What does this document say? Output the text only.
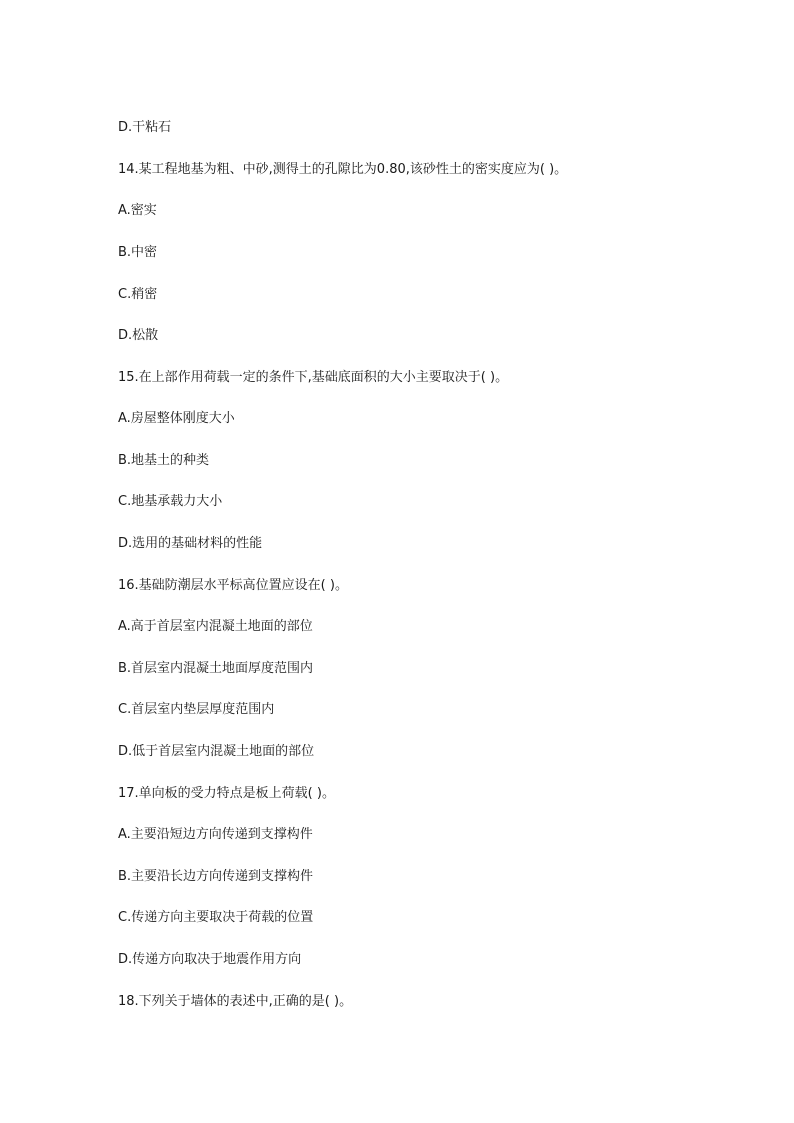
D.干粘石
14.某工程地基为粗、中砂,测得土的孔隙比为0.80,该砂性土的密实度应为( )。
A.密实
B.中密
C.稍密
D.松散
15.在上部作用荷载一定的条件下,基础底面积的大小主要取决于( )。
A.房屋整体刚度大小
B.地基土的种类
C.地基承载力大小
D.选用的基础材料的性能
16.基础防潮层水平标高位置应设在( )。
A.高于首层室内混凝土地面的部位
B.首层室内混凝土地面厚度范围内
C.首层室内垫层厚度范围内
D.低于首层室内混凝土地面的部位
17.单向板的受力特点是板上荷载( )。
A.主要沿短边方向传递到支撑构件
B.主要沿长边方向传递到支撑构件
C.传递方向主要取决于荷载的位置
D.传递方向取决于地震作用方向
18.下列关于墙体的表述中,正确的是( )。
